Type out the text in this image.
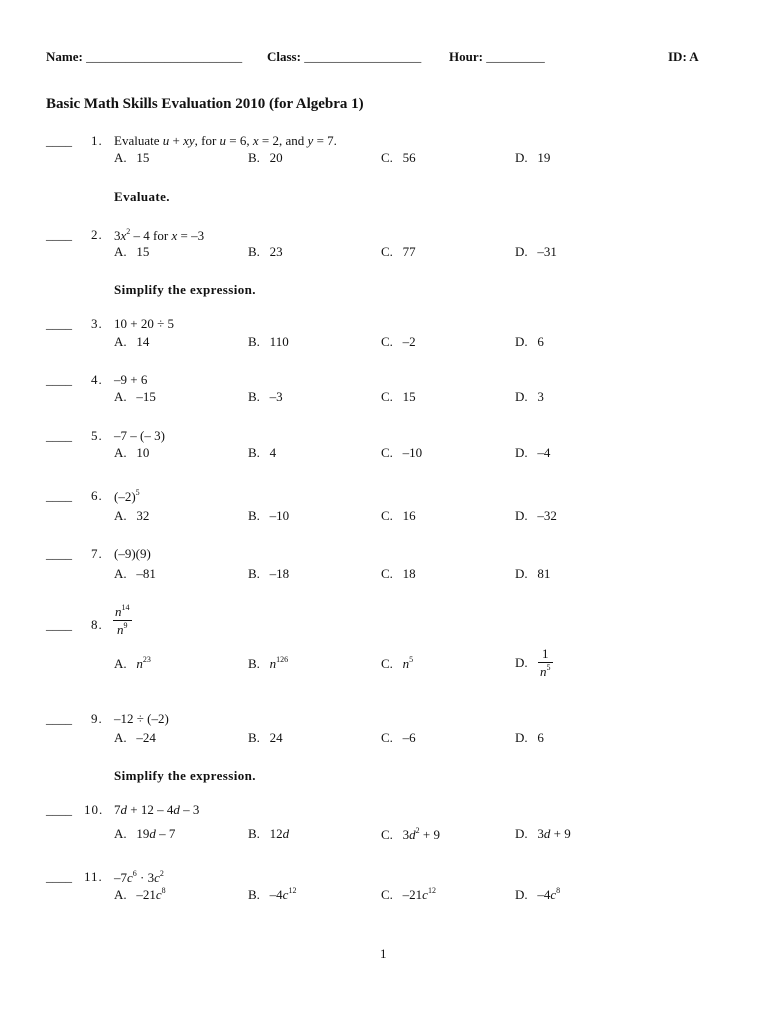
Name: ________________________ Class: __________________ Hour: _________	ID: A
Basic Math Skills Evaluation 2010 (for Algebra 1)
____ 1. Evaluate u + xy, for u = 6, x = 2, and y = 7.
A. 15	B. 20	C. 56	D. 19
Evaluate.
____ 2. $3x^2 - 4$ for x = –3
A. 15	B. 23	C. 77	D. –31
Simplify the expression.
____ 3. 10 + 20 ÷ 5
A. 14	B. 110	C. –2	D. 6
____ 4. –9 + 6
A. –15	B. –3	C. 15	D. 3
____ 5. –7 – (– 3)
A. 10	B. 4	C. –10	D. –4
____ 6. $(-2)^5$
A. 32	B. –10	C. 16	D. –32
____ 7. (–9)(9)
A. –81	B. –18	C. 18	D. 81
____ 8. $\frac{n^{14}}{n^9}$
A. $n^{23}$	B. $n^{126}$	C. $n^5$	D. $\frac{1}{n^5}$
____ 9. –12 ÷ (–2)
A. –24	B. 24	C. –6	D. 6
Simplify the expression.
____ 10. 7d + 12 – 4d – 3
A.   19d – 7	B.   12d	C.   $3d^2 + 9$	D.   3d + 9
____ 11. $-7c^6 \cdot 3c^2$
A.   $-21c^8$	B.   $-4c^{12}$	C.   $-21c^{12}$	D.   $-4c^8$
1
